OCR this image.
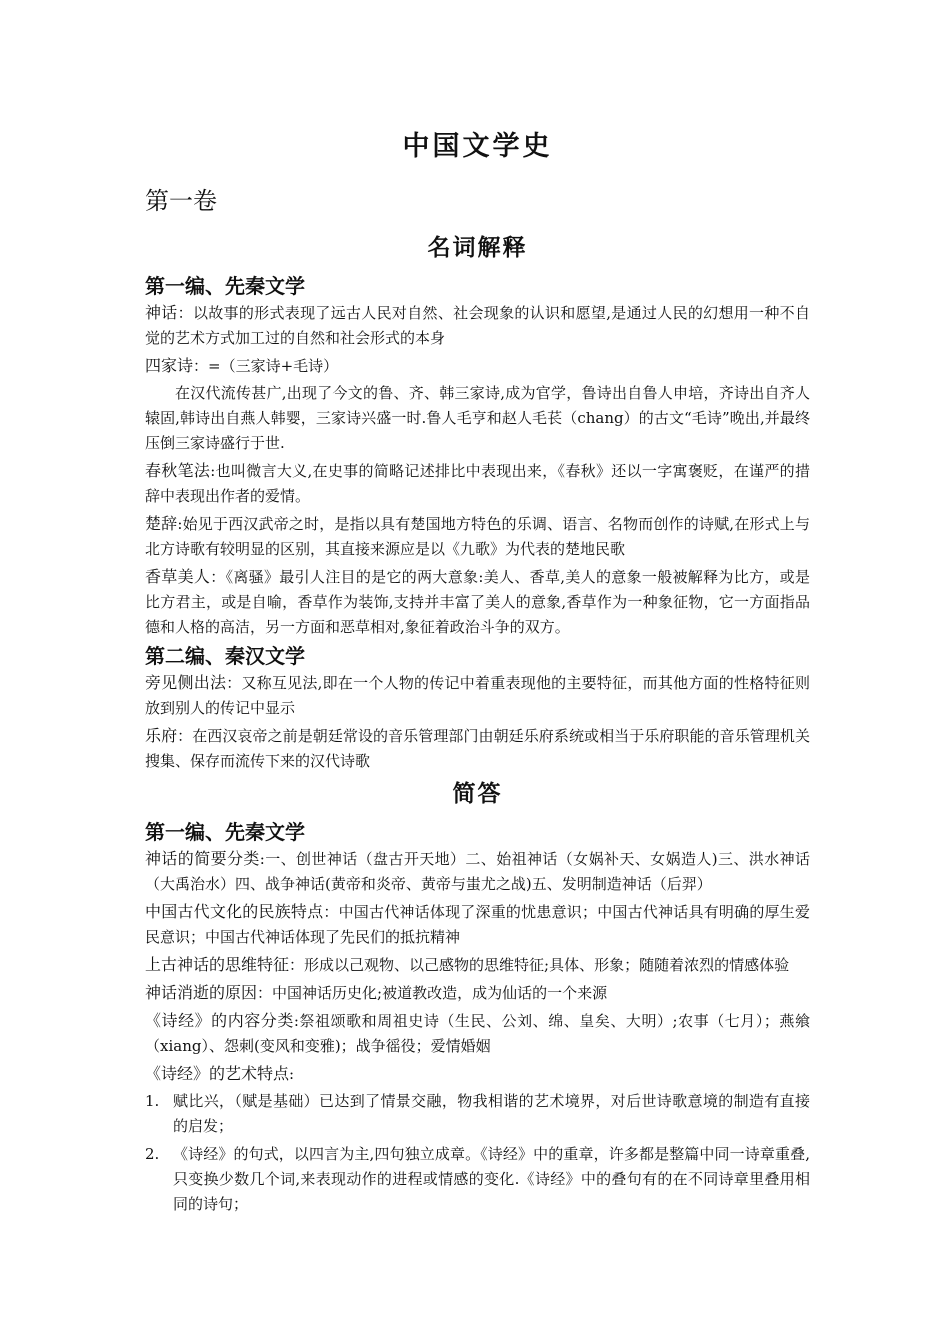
中国文学史
第一卷
名词解释
第一编、先秦文学

神话：以故事的形式表现了远古人民对自然、社会现象的认识和愿望,是通过人民的幻想用一种不自觉的艺术方式加工过的自然和社会形式的本身

四家诗：=（三家诗+毛诗）

在汉代流传甚广,出现了今文的鲁、齐、韩三家诗,成为官学，鲁诗出自鲁人申培，齐诗出自齐人辕固,韩诗出自燕人韩婴，三家诗兴盛一时.鲁人毛亨和赵人毛苌（chang）的古文“毛诗”晚出,并最终压倒三家诗盛行于世.

春秋笔法:也叫微言大义,在史事的简略记述排比中表现出来，《春秋》还以一字寓褒贬，在谨严的措辞中表现出作者的爱情。

楚辞:始见于西汉武帝之时，是指以具有楚国地方特色的乐调、语言、名物而创作的诗赋,在形式上与北方诗歌有较明显的区别，其直接来源应是以《九歌》为代表的楚地民歌

香草美人：《离骚》最引人注目的是它的两大意象:美人、香草,美人的意象一般被解释为比方，或是比方君主，或是自喻，香草作为装饰,支持并丰富了美人的意象,香草作为一种象征物，它一方面指品德和人格的高洁，另一方面和恶草相对,象征着政治斗争的双方。

第二编、秦汉文学

旁见侧出法：又称互见法,即在一个人物的传记中着重表现他的主要特征，而其他方面的性格特征则放到别人的传记中显示

乐府：在西汉哀帝之前是朝廷常设的音乐管理部门由朝廷乐府系统或相当于乐府职能的音乐管理机关搜集、保存而流传下来的汉代诗歌

简答
第一编、先秦文学

神话的简要分类:一、创世神话（盘古开天地）二、始祖神话（女娲补天、女娲造人)三、洪水神话（大禹治水）四、战争神话(黄帝和炎帝、黄帝与蚩尤之战)五、发明制造神话（后羿）

中国古代文化的民族特点：中国古代神话体现了深重的忧患意识；中国古代神话具有明确的厚生爱民意识；中国古代神话体现了先民们的抵抗精神

上古神话的思维特征：形成以己观物、以己感物的思维特征;具体、形象；随随着浓烈的情感体验

神话消逝的原因：中国神话历史化;被道教改造，成为仙话的一个来源

《诗经》的内容分类:祭祖颂歌和周祖史诗（生民、公刘、绵、皇矣、大明）;农事（七月）；燕飨（xiang）、怨刺(变风和变雅)；战争徭役；爱情婚姻

《诗经》的艺术特点:

1. 赋比兴，（赋是基础）已达到了情景交融，物我相谐的艺术境界，对后世诗歌意境的制造有直接的启发；
2. 《诗经》的句式，以四言为主,四句独立成章。《诗经》中的重章，许多都是整篇中同一诗章重叠,只变换少数几个词,来表现动作的进程或情感的变化.《诗经》中的叠句有的在不同诗章里叠用相同的诗句；
